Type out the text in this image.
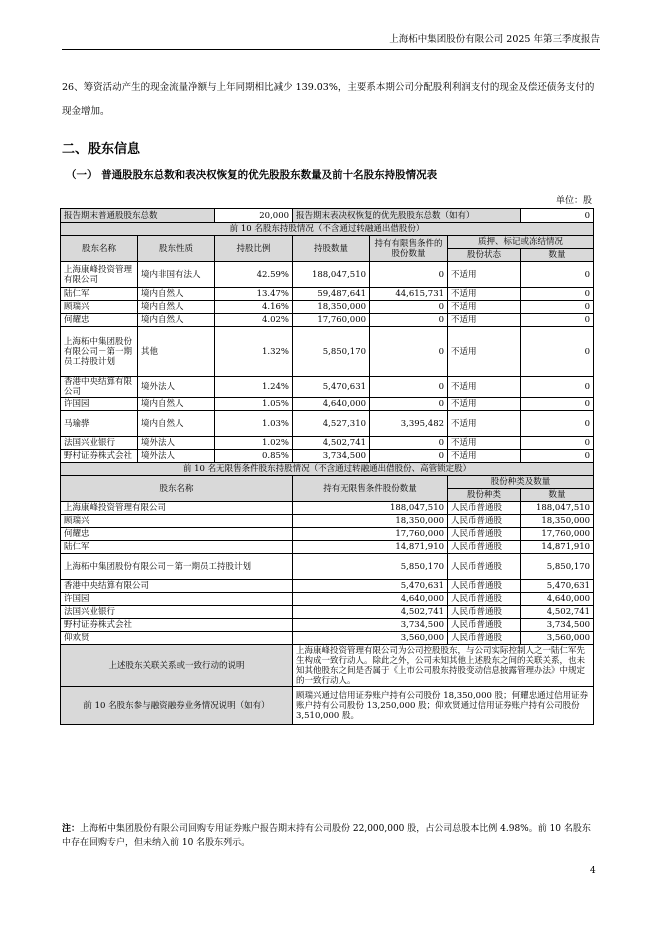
上海柘中集团股份有限公司 2025 年第三季度报告
26、筹资活动产生的现金流量净额与上年同期相比减少 139.03%，主要系本期公司分配股利利润支付的现金及偿还债务支付的现金增加。
二、股东信息
（一） 普通股股东总数和表决权恢复的优先股股东数量及前十名股东持股情况表
单位：股
报告期末普通股股东总数		20,000	报告期末表决权恢复的优先股股东总数（如有）			0
前 10 名股东持股情况（不含通过转融通出借股份）						
股东名称	股东性质	持股比例	持股数量	持有有限售条件的股份数量	质押、标记或冻结情况	
					股份状态	数量
上海康峰投资管理有限公司	境内非国有法人	42.59%	188,047,510	0	不适用	0
陆仁军	境内自然人	13.47%	59,487,641	44,615,731	不适用	0
顾瑞兴	境内自然人	4.16%	18,350,000	0	不适用	0
何耀忠	境内自然人	4.02%	17,760,000	0	不适用	0
上海柘中集团股份有限公司－第一期员工持股计划	其他	1.32%	5,850,170	0	不适用	0
香港中央结算有限公司	境外法人	1.24%	5,470,631	0	不适用	0
许国园	境内自然人	1.05%	4,640,000	0	不适用	0
马瑜骅	境内自然人	1.03%	4,527,310	3,395,482	不适用	0
法国兴业银行	境外法人	1.02%	4,502,741	0	不适用	0
野村证券株式会社	境外法人	0.85%	3,734,500	0	不适用	0
前 10 名无限售条件股东持股情况（不含通过转融通出借股份、高管锁定股）						
股东名称			持有无限售条件股份数量		股份种类及数量	
					股份种类	数量
上海康峰投资管理有限公司			188,047,510		人民币普通股	188,047,510
顾瑞兴			18,350,000		人民币普通股	18,350,000
何耀忠			17,760,000		人民币普通股	17,760,000
陆仁军			14,871,910		人民币普通股	14,871,910
上海柘中集团股份有限公司－第一期员工持股计划			5,850,170		人民币普通股	5,850,170
香港中央结算有限公司			5,470,631		人民币普通股	5,470,631
许国园			4,640,000		人民币普通股	4,640,000
法国兴业银行			4,502,741		人民币普通股	4,502,741
野村证券株式会社			3,734,500		人民币普通股	3,734,500
仰欢贤			3,560,000		人民币普通股	3,560,000
上述股东关联关系或一致行动的说明			上海康峰投资管理有限公司为公司控股股东，与公司实际控制人之一陆仁军先生构成一致行动人。除此之外，公司未知其他上述股东之间的关联关系，也未知其他股东之间是否属于《上市公司股东持股变动信息披露管理办法》中规定的一致行动人。			
前 10 名股东参与融资融券业务情况说明（如有）			顾瑞兴通过信用证券账户持有公司股份 18,350,000 股；何耀忠通过信用证券账户持有公司股份 13,250,000 股；仰欢贤通过信用证券账户持有公司股份 3,510,000 股。			
注：上海柘中集团股份有限公司回购专用证券账户报告期末持有公司股份 22,000,000 股，占公司总股本比例 4.98%。前 10 名股东中存在回购专户，但未纳入前 10 名股东列示。
4
